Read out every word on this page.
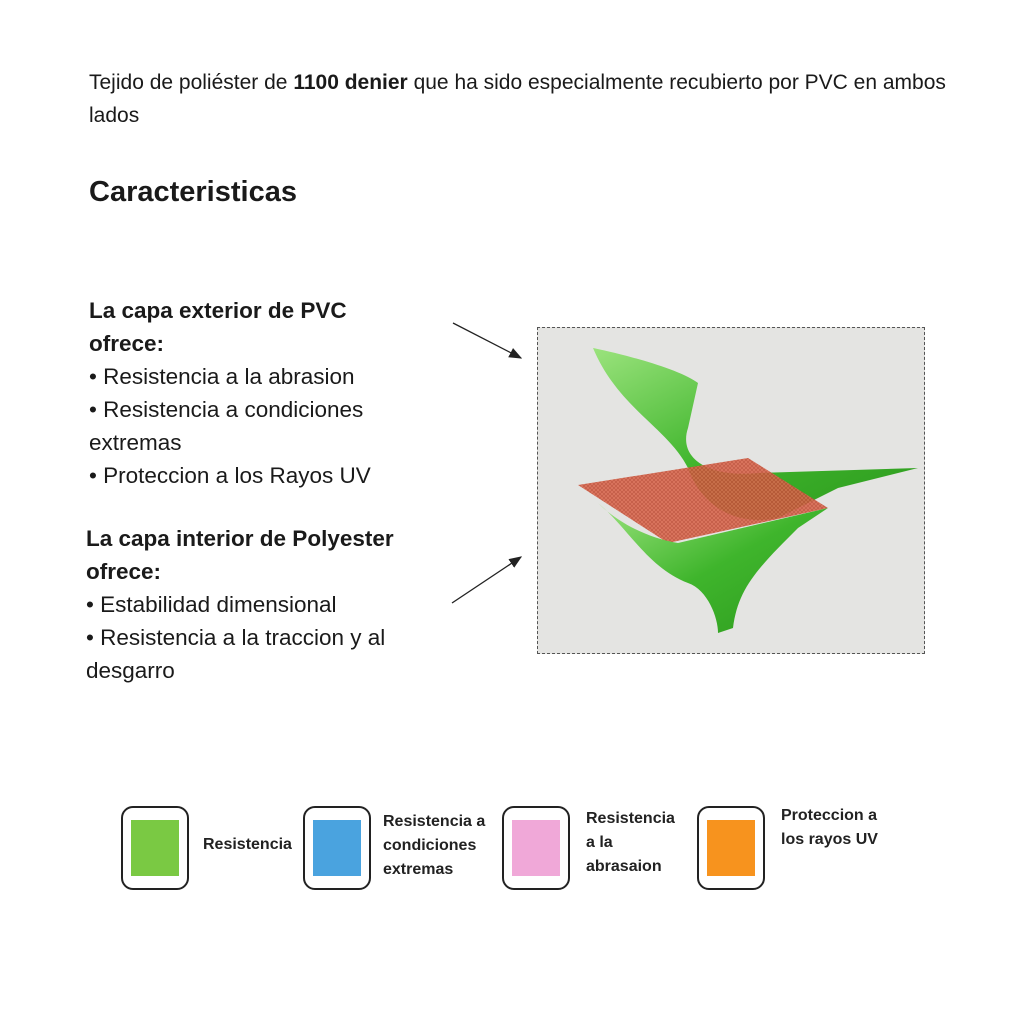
Tejido de poliéster de 1100 denier que ha sido especialmente recubierto por PVC en ambos lados
Caracteristicas
La capa exterior de PVC ofrece:
• Resistencia a la abrasion
• Resistencia a condiciones extremas
• Proteccion a los Rayos UV
La capa interior de Polyester ofrece:
• Estabilidad dimensional
• Resistencia a la traccion y al desgarro
Resistencia
Resistencia a condiciones extremas
Resistencia a la abrasaion
Proteccion a los rayos UV
